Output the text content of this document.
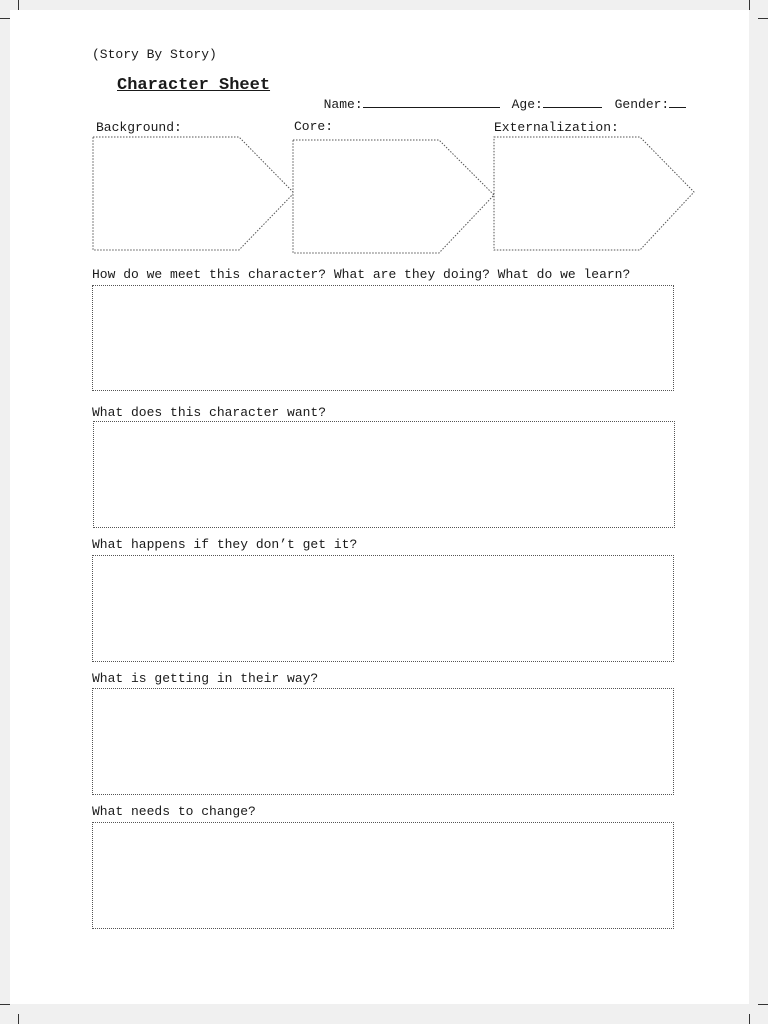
(Story By Story)
Character Sheet

Name:	Age:	Gender:

Background:	Core:	Externalization:
How do we meet this character? What are they doing? What do we learn?
What does this character want?
What happens if they don’t get it?
What is getting in their way?
What needs to change?
